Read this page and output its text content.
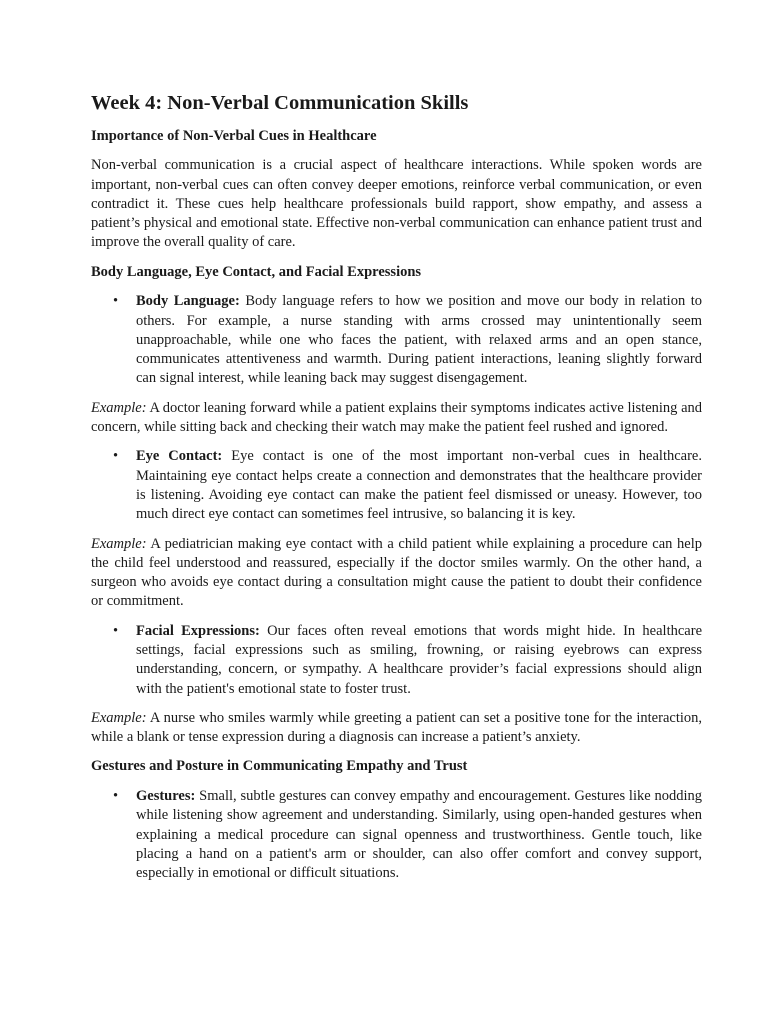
Week 4: Non-Verbal Communication Skills
Importance of Non-Verbal Cues in Healthcare

Non-verbal communication is a crucial aspect of healthcare interactions. While spoken words are important, non-verbal cues can often convey deeper emotions, reinforce verbal communication, or even contradict it. These cues help healthcare professionals build rapport, show empathy, and assess a patient’s physical and emotional state. Effective non-verbal communication can enhance patient trust and improve the overall quality of care.

Body Language, Eye Contact, and Facial Expressions
• Body Language: Body language refers to how we position and move our body in relation to others. For example, a nurse standing with arms crossed may unintentionally seem unapproachable, while one who faces the patient, with relaxed arms and an open stance, communicates attentiveness and warmth. During patient interactions, leaning slightly forward can signal interest, while leaning back may suggest disengagement.

Example: A doctor leaning forward while a patient explains their symptoms indicates active listening and concern, while sitting back and checking their watch may make the patient feel rushed and ignored.

• Eye Contact: Eye contact is one of the most important non-verbal cues in healthcare. Maintaining eye contact helps create a connection and demonstrates that the healthcare provider is listening. Avoiding eye contact can make the patient feel dismissed or uneasy. However, too much direct eye contact can sometimes feel intrusive, so balancing it is key.

Example: A pediatrician making eye contact with a child patient while explaining a procedure can help the child feel understood and reassured, especially if the doctor smiles warmly. On the other hand, a surgeon who avoids eye contact during a consultation might cause the patient to doubt their confidence or commitment.

• Facial Expressions: Our faces often reveal emotions that words might hide. In healthcare settings, facial expressions such as smiling, frowning, or raising eyebrows can express understanding, concern, or sympathy. A healthcare provider’s facial expressions should align with the patient's emotional state to foster trust.

Example: A nurse who smiles warmly while greeting a patient can set a positive tone for the interaction, while a blank or tense expression during a diagnosis can increase a patient’s anxiety.

Gestures and Posture in Communicating Empathy and Trust
• Gestures: Small, subtle gestures can convey empathy and encouragement. Gestures like nodding while listening show agreement and understanding. Similarly, using open-handed gestures when explaining a medical procedure can signal openness and trustworthiness. Gentle touch, like placing a hand on a patient's arm or shoulder, can also offer comfort and convey support, especially in emotional or difficult situations.
